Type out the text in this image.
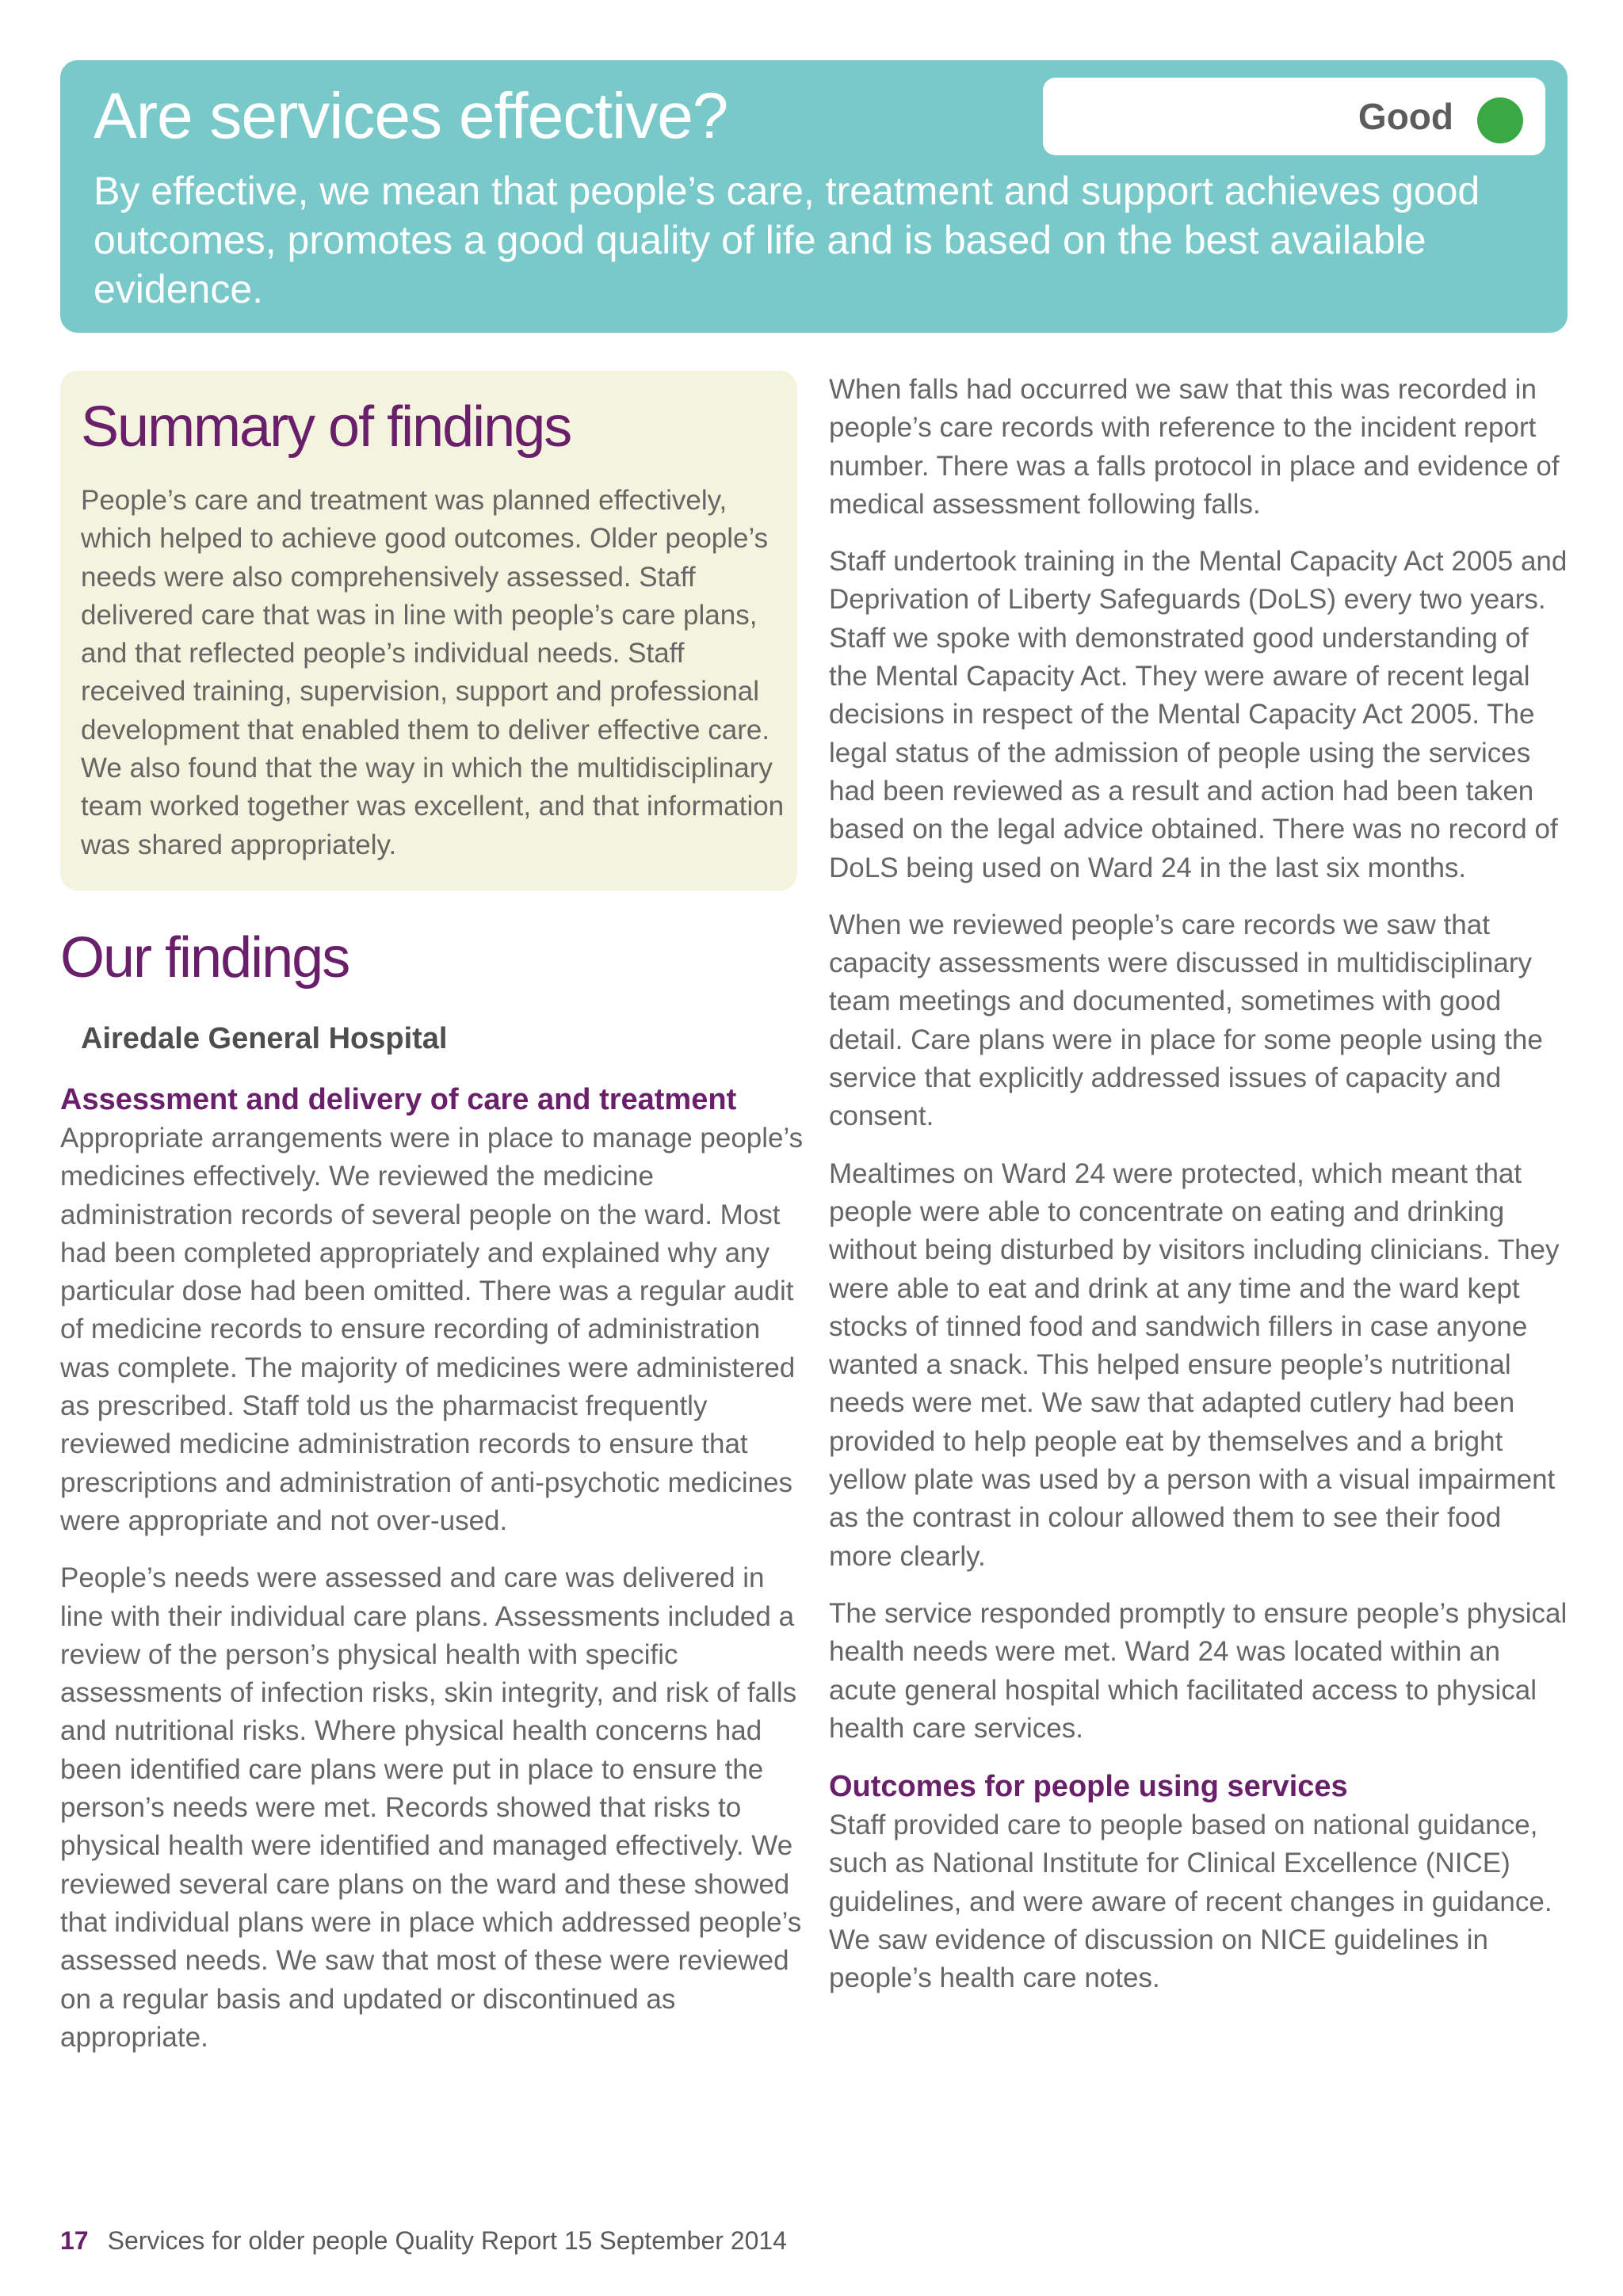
Are services effective?	Good

By effective, we mean that people’s care, treatment and support achieves good outcomes, promotes a good quality of life and is based on the best available evidence.

Summary of findings

People’s care and treatment was planned effectively, which helped to achieve good outcomes. Older people’s needs were also comprehensively assessed. Staff delivered care that was in line with people’s care plans, and that reflected people’s individual needs. Staff received training, supervision, support and professional development that enabled them to deliver effective care. We also found that the way in which the multidisciplinary team worked together was excellent, and that information was shared appropriately.

Our findings
Airedale General Hospital
Assessment and delivery of care and treatment

Appropriate arrangements were in place to manage people’s medicines effectively. We reviewed the medicine administration records of several people on the ward. Most had been completed appropriately and explained why any particular dose had been omitted. There was a regular audit of medicine records to ensure recording of administration was complete. The majority of medicines were administered as prescribed. Staff told us the pharmacist frequently reviewed medicine administration records to ensure that prescriptions and administration of anti-psychotic medicines were appropriate and not over-used.

People’s needs were assessed and care was delivered in line with their individual care plans. Assessments included a review of the person’s physical health with specific assessments of infection risks, skin integrity, and risk of falls and nutritional risks. Where physical health concerns had been identified care plans were put in place to ensure the person’s needs were met. Records showed that risks to physical health were identified and managed effectively. We reviewed several care plans on the ward and these showed that individual plans were in place which addressed people’s assessed needs. We saw that most of these were reviewed on a regular basis and updated or discontinued as appropriate.

When falls had occurred we saw that this was recorded in people’s care records with reference to the incident report number. There was a falls protocol in place and evidence of medical assessment following falls.

Staff undertook training in the Mental Capacity Act 2005 and Deprivation of Liberty Safeguards (DoLS) every two years. Staff we spoke with demonstrated good understanding of the Mental Capacity Act. They were aware of recent legal decisions in respect of the Mental Capacity Act 2005. The legal status of the admission of people using the services had been reviewed as a result and action had been taken based on the legal advice obtained. There was no record of DoLS being used on Ward 24 in the last six months.

When we reviewed people’s care records we saw that capacity assessments were discussed in multidisciplinary team meetings and documented, sometimes with good detail. Care plans were in place for some people using the service that explicitly addressed issues of capacity and consent.

Mealtimes on Ward 24 were protected, which meant that people were able to concentrate on eating and drinking without being disturbed by visitors including clinicians. They were able to eat and drink at any time and the ward kept stocks of tinned food and sandwich fillers in case anyone wanted a snack. This helped ensure people’s nutritional needs were met. We saw that adapted cutlery had been provided to help people eat by themselves and a bright yellow plate was used by a person with a visual impairment as the contrast in colour allowed them to see their food more clearly.

The service responded promptly to ensure people’s physical health needs were met. Ward 24 was located within an acute general hospital which facilitated access to physical health care services.

Outcomes for people using services

Staff provided care to people based on national guidance, such as National Institute for Clinical Excellence (NICE) guidelines, and were aware of recent changes in guidance. We saw evidence of discussion on NICE guidelines in people’s health care notes.

17 Services for older people Quality Report 15 September 2014
